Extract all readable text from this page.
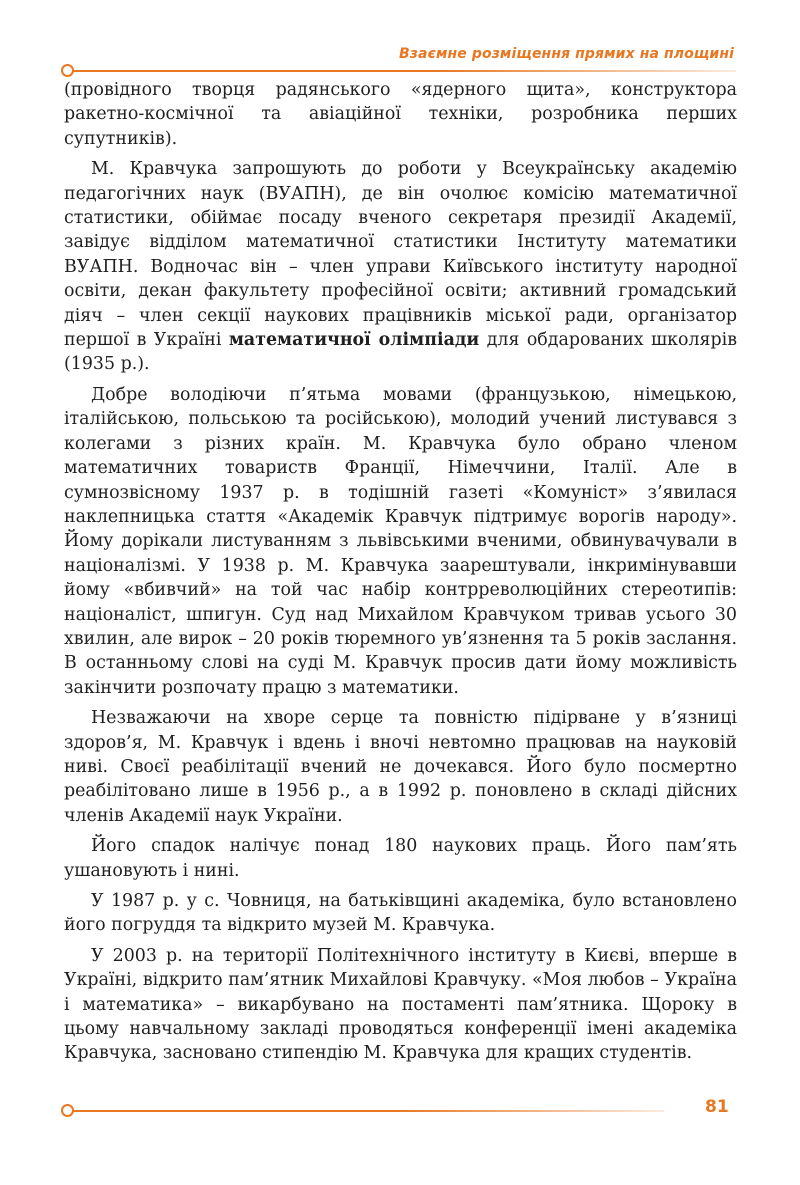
Взаємне розміщення прямих на площині

(провідного творця радянського «ядерного щита», конструктора ракетно-космічної та авіаційної техніки, розробника перших супутників).

М. Кравчука запрошують до роботи у Всеукраїнську академію педагогічних наук (ВУАПН), де він очолює комісію математичної статистики, обіймає посаду вченого секретаря президії Академії, завідує відділом математичної статистики Інституту математики ВУАПН. Водночас він – член управи Київського інституту народної освіти, декан факультету професійної освіти; активний громадський діяч – член секції наукових працівників міської ради, організатор першої в Україні математичної олімпіади для обдарованих школярів (1935 р.).

Добре володіючи п’ятьма мовами (французькою, німецькою, італійською, польською та російською), молодий учений листувався з колегами з різних країн. М. Кравчука було обрано членом математичних товариств Франції, Німеччини, Італії. Але в сумнозвісному 1937 р. в тодішній газеті «Комуніст» з’явилася наклепницька стаття «Академік Кравчук підтримує ворогів народу». Йому дорікали листуванням з львівськими вченими, обвинувачували в націоналізмі. У 1938 р. М. Кравчука заарештували, інкримінувавши йому «вбивчий» на той час набір контрреволюційних стереотипів: націоналіст, шпигун. Суд над Михайлом Кравчуком тривав усього 30 хвилин, але вирок – 20 років тюремного ув’язнення та 5 років заслання. В останньому слові на суді М. Кравчук просив дати йому можливість закінчити розпочату працю з математики.

Незважаючи на хворе серце та повністю підірване у в’язниці здоров’я, М. Кравчук і вдень і вночі невтомно працював на науковій ниві. Своєї реабілітації вчений не дочекався. Його було посмертно реабілітовано лише в 1956 р., а в 1992 р. поновлено в складі дійсних членів Академії наук України.

Його спадок налічує понад 180 наукових праць. Його пам’ять ушановують і нині.

У 1987 р. у с. Човниця, на батьківщині академіка, було встановлено його погруддя та відкрито музей М. Кравчука.

У 2003 р. на території Політехнічного інституту в Києві, вперше в Україні, відкрито пам’ятник Михайлові Кравчуку. «Моя любов – Україна і математика» – викарбувано на постаменті пам’ятника. Щороку в цьому навчальному закладі проводяться конференції імені академіка Кравчука, засновано стипендію М. Кравчука для кращих студентів.

81
